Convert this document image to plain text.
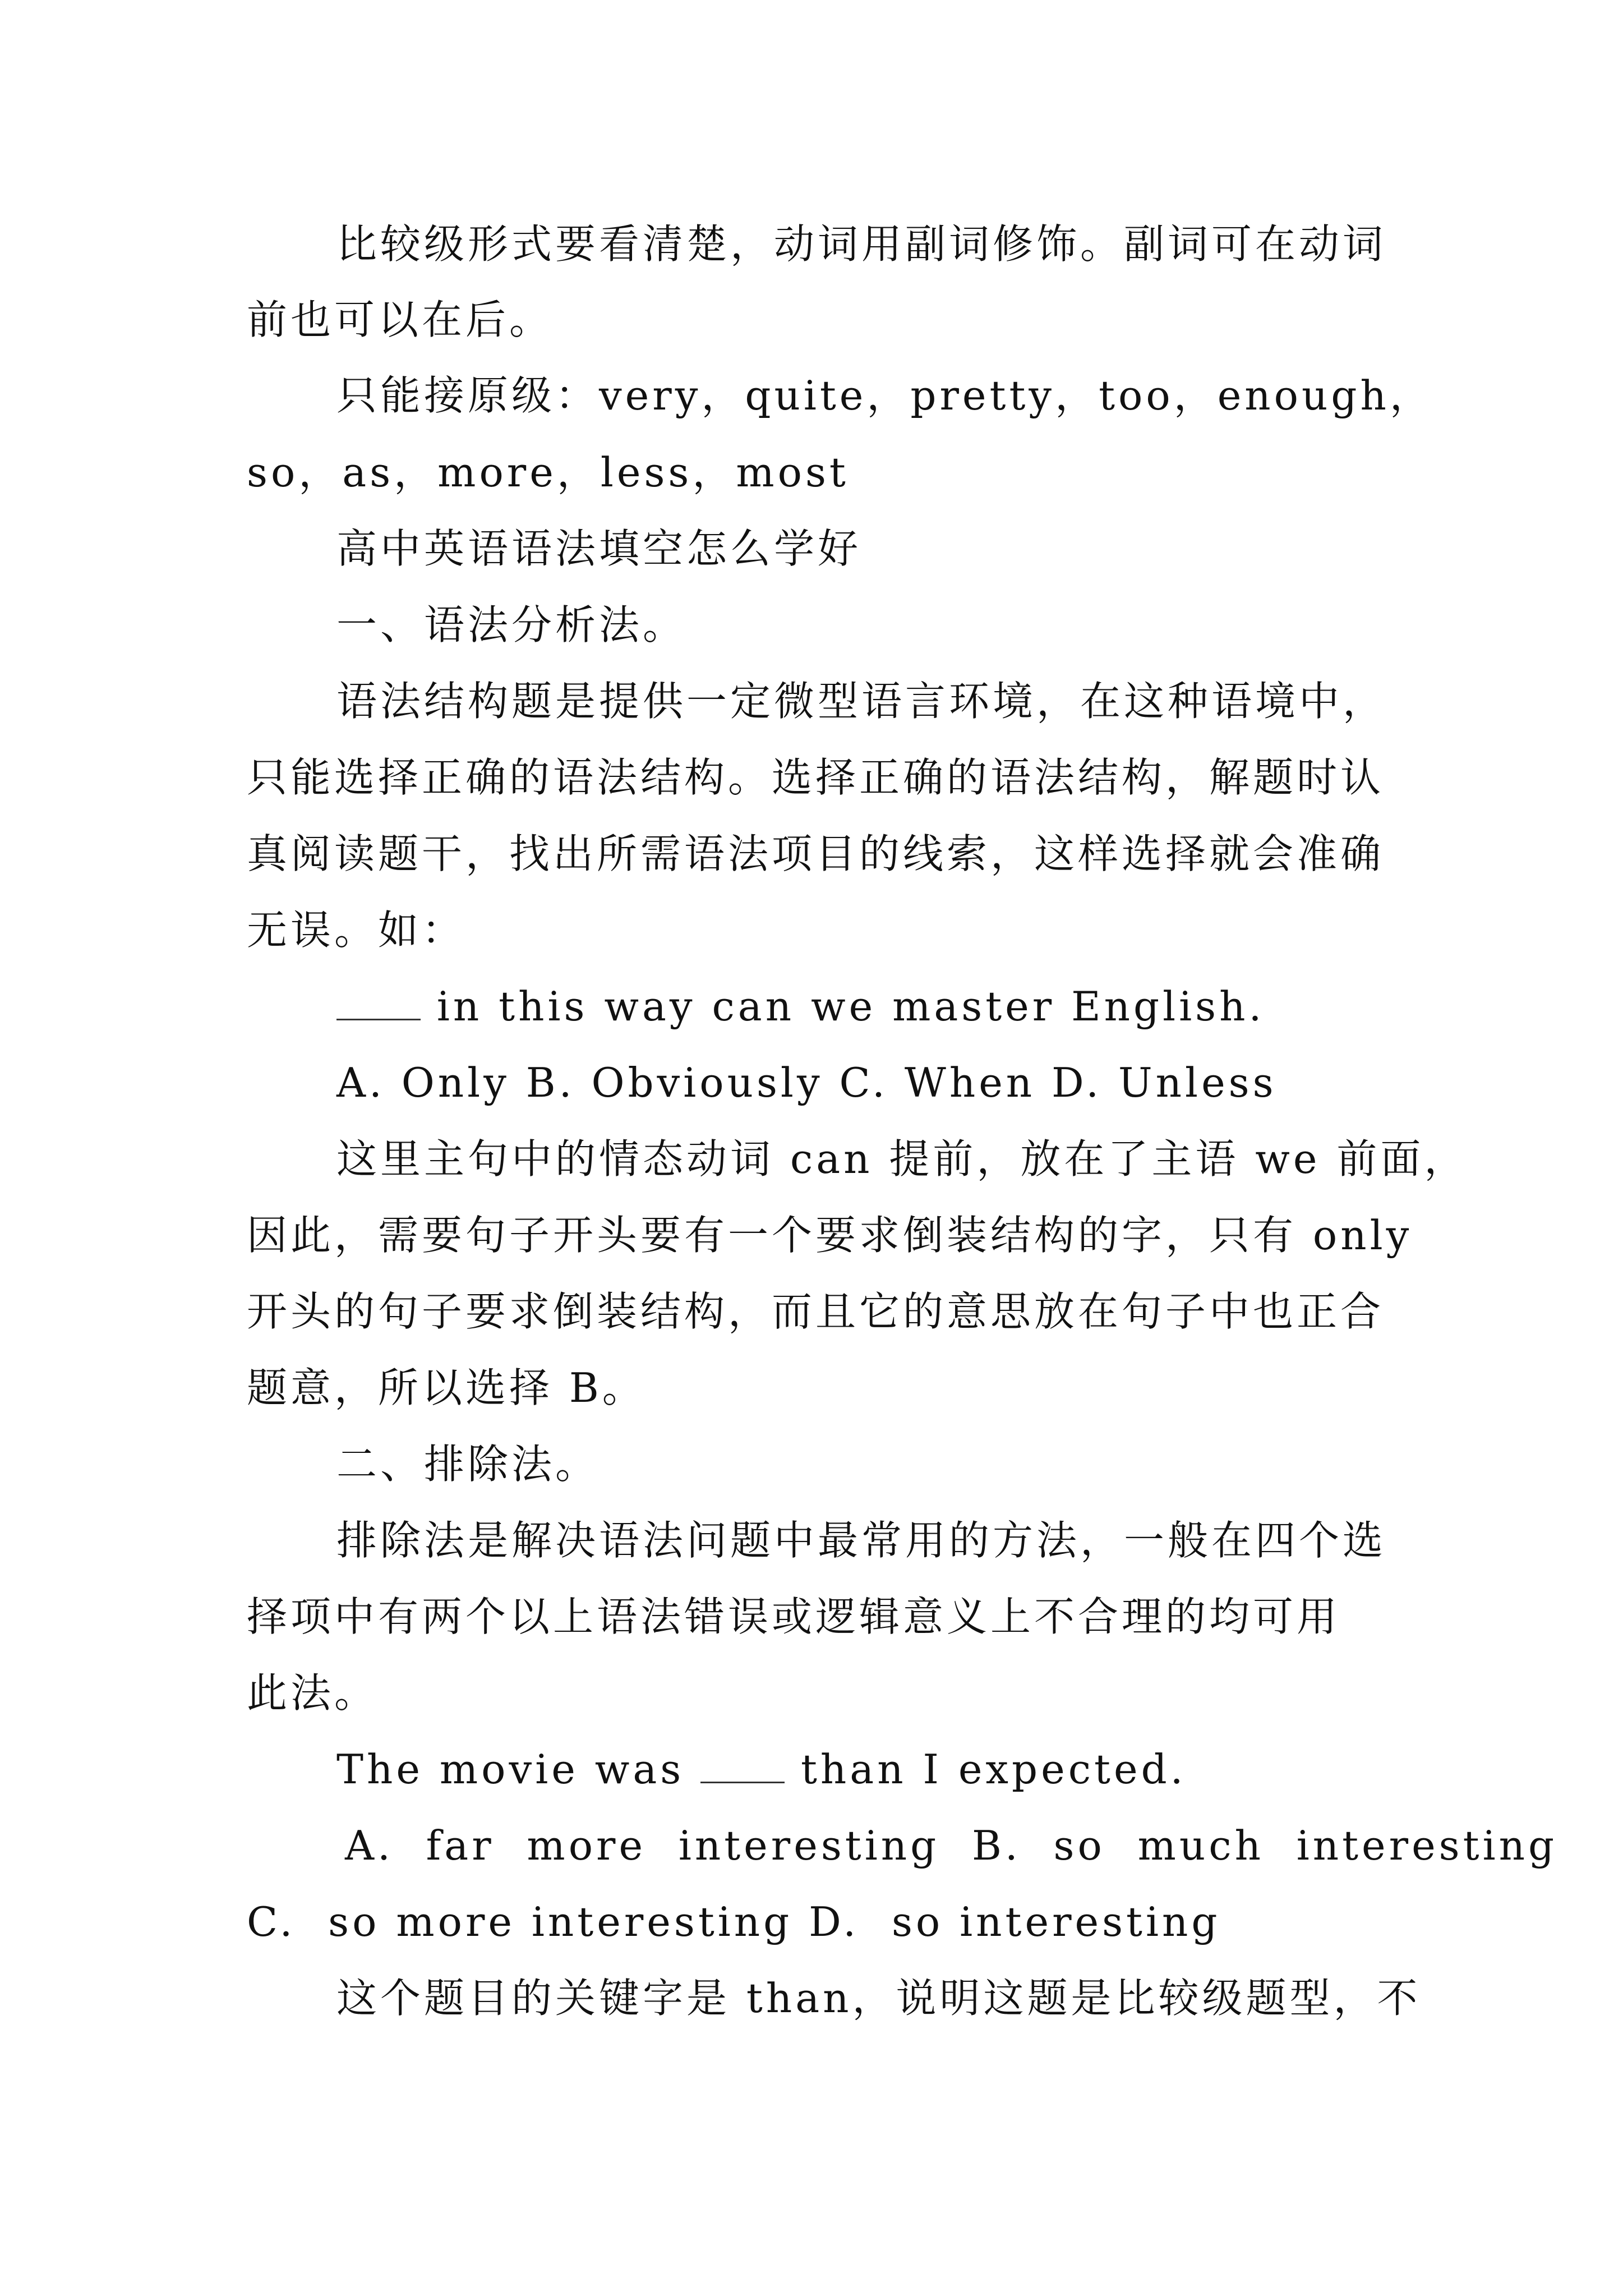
比较级形式要看清楚，动词用副词修饰。副词可在动词
前也可以在后。
只能接原级：very，quite，pretty，too，enough，
so，as，more，less，most
高中英语语法填空怎么学好
一、语法分析法。
语法结构题是提供一定微型语言环境，在这种语境中，
只能选择正确的语法结构。选择正确的语法结构，解题时认
真阅读题干，找出所需语法项目的线索，这样选择就会准确
无误。如：
in this way can we master English.
A. Only B. Obviously C. When D. Unless
这里主句中的情态动词 can 提前，放在了主语 we 前面，
因此，需要句子开头要有一个要求倒装结构的字，只有 only
开头的句子要求倒装结构，而且它的意思放在句子中也正合
题意，所以选择 B。
二、排除法。
排除法是解决语法问题中最常用的方法，一般在四个选
择项中有两个以上语法错误或逻辑意义上不合理的均可用
此法。
The movie was  than I expected.
A.  far  more  interesting  B.  so  much  interesting
C.  so more interesting D.  so interesting
这个题目的关键字是 than，说明这题是比较级题型，不
